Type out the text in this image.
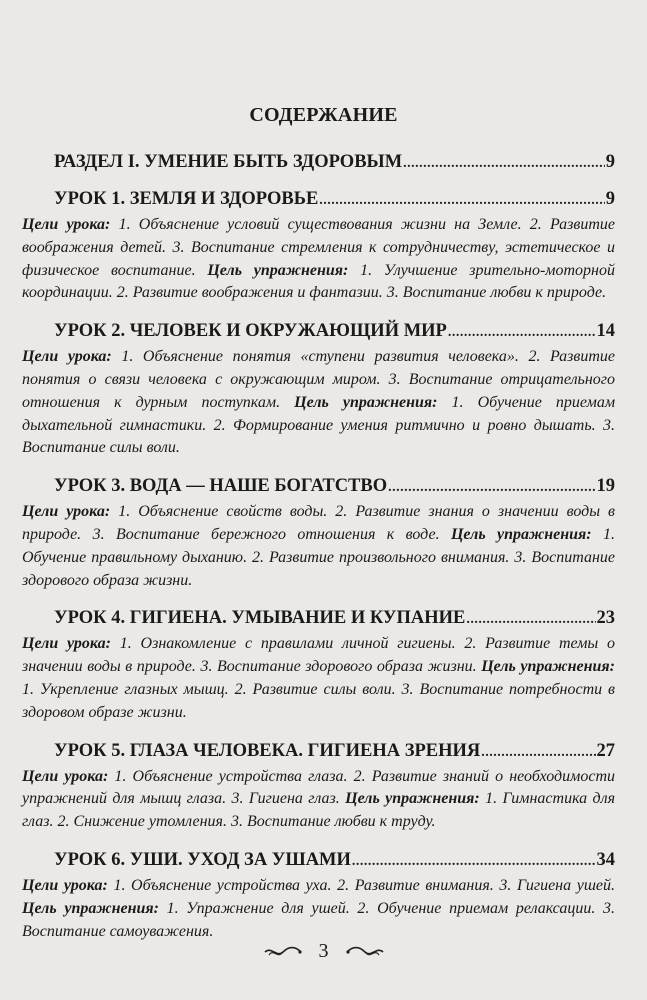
СОДЕРЖАНИЕ
РАЗДЕЛ I. УМЕНИЕ БЫТЬ ЗДОРОВЫМ .....	9
УРОК 1. ЗЕМЛЯ И ЗДОРОВЬЕ .....	9
Цели урока: 1. Объяснение условий существования жизни на Земле. 2. Развитие воображения детей. 3. Воспитание стремления к сотрудничеству, эстетическое и физическое воспитание. Цель упражнения: 1. Улучшение зрительно-моторной координации. 2. Развитие воображения и фантазии. 3. Воспитание любви к природе.
УРОК 2. ЧЕЛОВЕК И ОКРУЖАЮЩИЙ МИР .....	14
Цели урока: 1. Объяснение понятия «ступени развития человека». 2. Развитие понятия о связи человека с окружающим миром. 3. Воспитание отрицательного отношения к дурным поступкам. Цель упражнения: 1. Обучение приемам дыхательной гимнастики. 2. Формирование умения ритмично и ровно дышать. 3. Воспитание силы воли.
УРОК 3. ВОДА — НАШЕ БОГАТСТВО .....	19
Цели урока: 1. Объяснение свойств воды. 2. Развитие знания о значении воды в природе. 3. Воспитание бережного отношения к воде. Цель упражнения: 1. Обучение правильному дыханию. 2. Развитие произвольного внимания. 3. Воспитание здорового образа жизни.
УРОК 4. ГИГИЕНА. УМЫВАНИЕ И КУПАНИЕ .....	23
Цели урока: 1. Ознакомление с правилами личной гигиены. 2. Развитие темы о значении воды в природе. 3. Воспитание здорового образа жизни. Цель упражнения: 1. Укрепление глазных мышц. 2. Развитие силы воли. 3. Воспитание потребности в здоровом образе жизни.
УРОК 5. ГЛАЗА ЧЕЛОВЕКА. ГИГИЕНА ЗРЕНИЯ .....	27
Цели урока: 1. Объяснение устройства глаза. 2. Развитие знаний о необходимости упражнений для мышц глаза. 3. Гигиена глаз. Цель упражнения: 1. Гимнастика для глаз. 2. Снижение утомления. 3. Воспитание любви к труду.
УРОК 6. УШИ. УХОД ЗА УШАМИ .....	34
Цели урока: 1. Объяснение устройства уха. 2. Развитие внимания. 3. Гигиена ушей. Цель упражнения: 1. Упражнение для ушей. 2. Обучение приемам релаксации. 3. Воспитание самоуважения.
3
